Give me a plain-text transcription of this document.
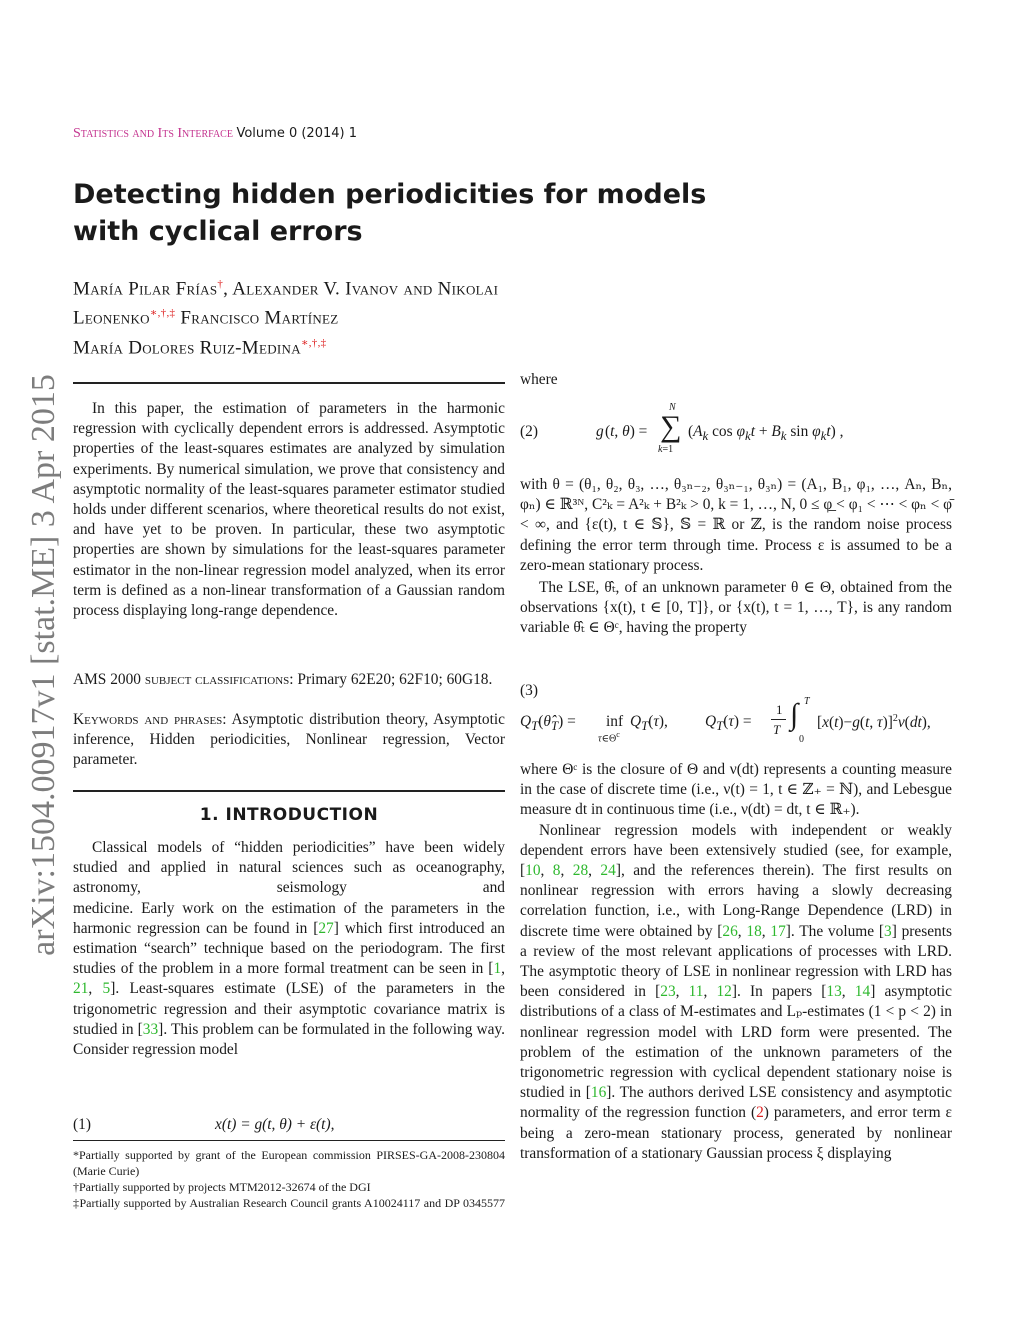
arXiv:1504.00917v1 [stat.ME] 3 Apr 2015
Statistics and Its Interface Volume 0 (2014) 1
Detecting hidden periodicities for models with cyclical errors
María Pilar Frías†, Alexander V. Ivanov and Nikolai
Leonenko∗,†,‡ Francisco Martínez
María Dolores Ruiz-Medina∗,†,‡

In this paper, the estimation of parameters in the harmonic regression with cyclically dependent errors is addressed. Asymptotic properties of the least-squares estimates are analyzed by simulation experiments. By numerical simulation, we prove that consistency and asymptotic normality of the least-squares parameter estimator studied holds under different scenarios, where theoretical results do not exist, and have yet to be proven. In particular, these two asymptotic properties are shown by simulations for the least-squares parameter estimator in the non-linear regression model analyzed, when its error term is defined as a non-linear transformation of a Gaussian random process displaying long-range dependence.

AMS 2000 subject classifications: Primary 62E20; 62F10; 60G18.

Keywords and phrases: Asymptotic distribution theory, Asymptotic inference, Hidden periodicities, Nonlinear regression, Vector parameter.

1. INTRODUCTION

Classical models of “hidden periodicities” have been widely studied and applied in natural sciences such as oceanography, astronomy, seismology and

medicine. Early work on the estimation of the parameters in the harmonic regression can be found in [27] which first introduced an estimation “search” technique based on the periodogram. The first studies of the problem in a more formal treatment can be seen in [1, 21, 5]. Least-squares estimate (LSE) of the parameters in the trigonometric regression and their asymptotic covariance matrix is studied in [33]. This problem can be formulated in the following way. Consider regression model

(1)	x(t) = g(t, θ) + ε(t),

*Partially supported by grant of the European commission PIRSES-GA-2008-230804 (Marie Curie)

†Partially supported by projects MTM2012-32674 of the DGI

‡Partially supported by Australian Research Council grants A10024117 and DP 0345577

where
(2)	g (t, θ) =
N
∑
k=1
($A_k$ $\cos \varphi_kt + B_k$ $\sin \varphi_kt$) ,

with θ = (θ₁, θ₂, θ₃, …, θ₃ₙ₋₂, θ₃ₙ₋₁, θ₃ₙ) = (A₁, B₁, φ₁, …, Aₙ, Bₙ, φₙ) ∈ ℝ³ᴺ, C²ₖ = A²ₖ + B²ₖ > 0, k = 1, …, N, 0 ≤ φ̲ < φ₁ < ⋯ < φₙ < φ̄ < ∞, and {ε(t), t ∈ 𝕊}, 𝕊 = ℝ or ℤ, is the random noise process defining the error term through time. Process ε is assumed to be a zero-mean stationary process.

The LSE, θ̂ₜ, of an unknown parameter θ ∈ Θ, obtained from the observations {x(t), t ∈ [0, T]}, or {x(t), t = 1, …, T}, is any random variable θ̂ₜ ∈ Θᶜ, having the property

(3)
$Q_T(\thetâ_T)$ = inf
$\tau\in\Theta^c$
$Q_T(\tau)$, $Q_T(\tau)$ =
1
T ∫ T
0
[x(t)−g(t, τ)]$^2$ν(dt),

where Θᶜ is the closure of Θ and ν(dt) represents a counting measure in the case of discrete time (i.e., ν(t) = 1, t ∈ ℤ₊ = ℕ), and Lebesgue measure dt in continuous time (i.e., ν(dt) = dt, t ∈ ℝ₊).

Nonlinear regression models with independent or weakly dependent errors have been extensively studied (see, for example, [10, 8, 28, 24], and the references therein). The first results on nonlinear regression with errors having a slowly decreasing correlation function, i.e., with Long-Range Dependence (LRD) in discrete time were obtained by [26, 18, 17]. The volume [3] presents a review of the most relevant applications of processes with LRD. The asymptotic theory of LSE in nonlinear regression with LRD has been considered in [23, 11, 12]. In papers [13, 14] asymptotic distributions of a class of M-estimates and Lₚ-estimates (1 < p < 2) in nonlinear regression model with LRD form were presented. The problem of the estimation of the unknown parameters of the trigonometric regression with cyclical dependent stationary noise is studied in [16]. The authors derived LSE consistency and asymptotic normality of the regression function (2) parameters, and error term ε being a zero-mean stationary process, generated by nonlinear transformation of a stationary Gaussian process ξ displaying
